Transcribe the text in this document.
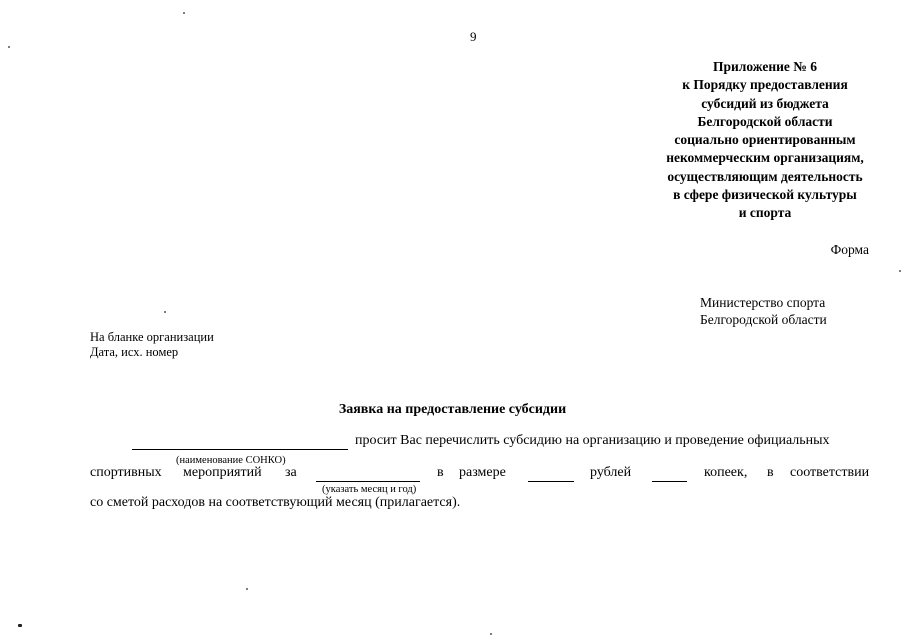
9
Приложение № 6
к Порядку предоставления
субсидий из бюджета
Белгородской области
социально ориентированным
некоммерческим организациям,
осуществляющим деятельность
в сфере физической культуры
и спорта
Форма
Министерство спорта
Белгородской области
На бланке организации
Дата, исх. номер
Заявка на предоставление субсидии
(наименование СОНКО)
просит Вас перечислить субсидию на организацию и проведение официальных
спортивных мероприятий за
(указать месяц и год)
в размере	рублей	копеек, в соответствии
со сметой расходов на соответствующий месяц (прилагается).
